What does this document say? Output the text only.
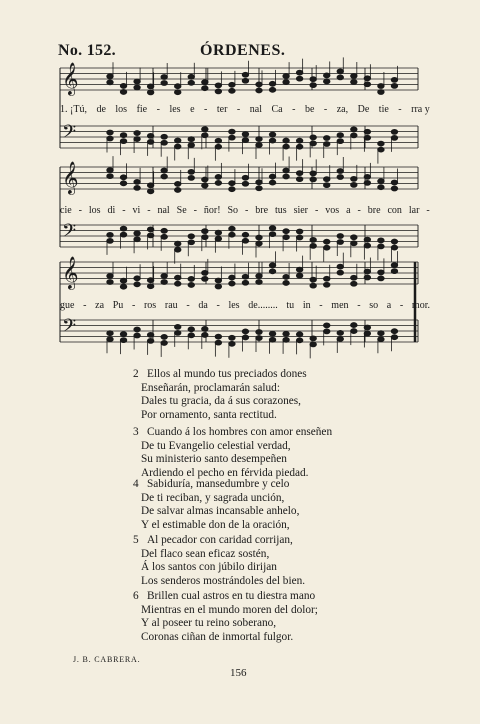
No. 152.	ÓRDENES.
𝄞
𝄢
𝄞
𝄢
𝄞
𝄢
1. ¡Tú, de los fie - les e - ter - nal Ca - be - za, De tie - rra y
cie - los di - vi - nal Se - ñor! So - bre tus sier - vos a - bre con lar -
gue - za Pu - ros rau - da - les de........ tu in - men - so a - mor.
2 Ellos al mundo tus preciados dones
Enseñarán, proclamarán salud:
Dales tu gracia, da á sus corazones,
Por ornamento, santa rectitud.
3 Cuando á los hombres con amor enseñen
De tu Evangelio celestial verdad,
Su ministerio santo desempeñen
Ardiendo el pecho en férvida piedad.
4 Sabiduría, mansedumbre y celo
De ti reciban, y sagrada unción,
De salvar almas incansable anhelo,
Y el estimable don de la oración,
5 Al pecador con caridad corrijan,
Del flaco sean eficaz sostén,
Á los santos con júbilo dirijan
Los senderos mostrándoles del bien.
6 Brillen cual astros en tu diestra mano
Mientras en el mundo moren del dolor;
Y al poseer tu reino soberano,
Coronas ciñan de inmortal fulgor.
J. B. CABRERA.
156
